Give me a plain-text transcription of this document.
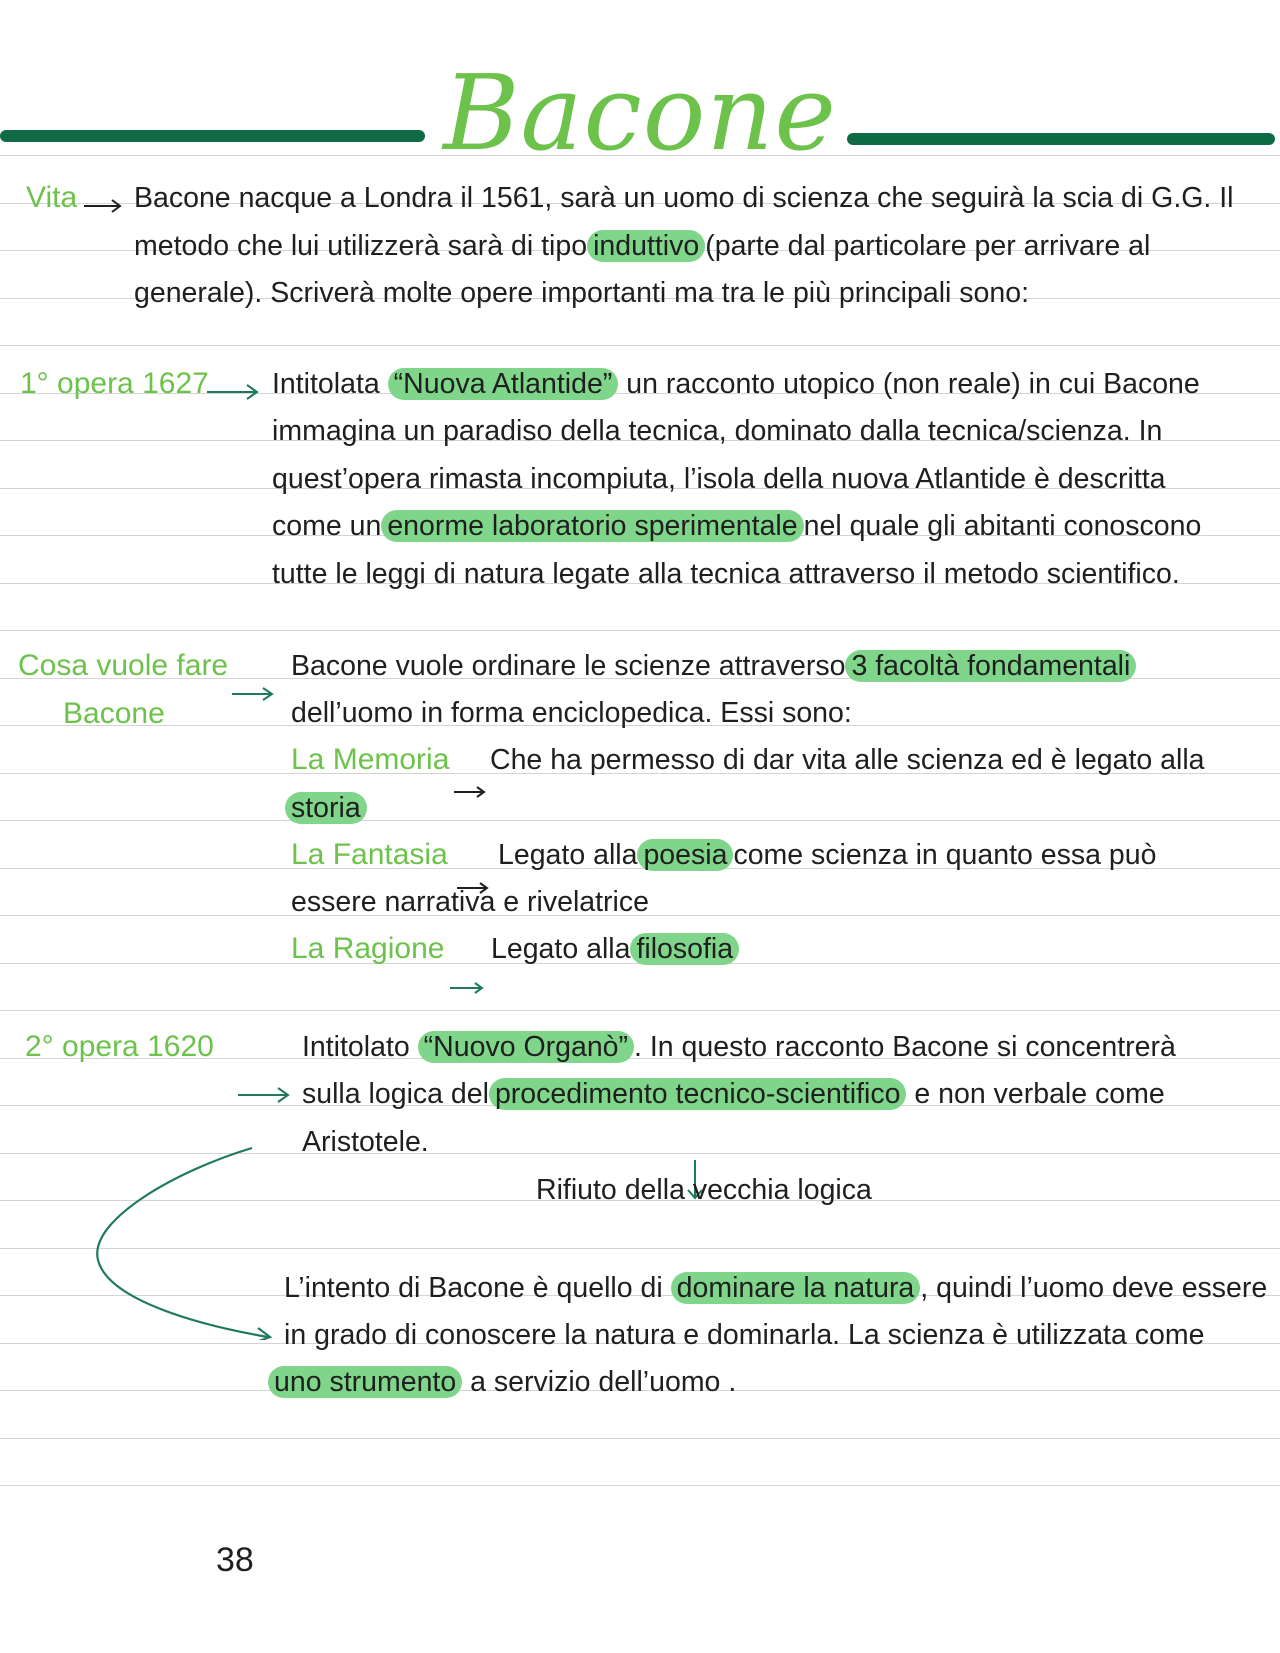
Bacone
Vita Bacone nacque a Londra il 1561, sarà un uomo di scienza che seguirà la scia di G.G. Il
metodo che lui utilizzerà sarà di tipo induttivo (parte dal particolare per arrivare al
generale). Scriverà molte opere importanti ma tra le più principali sono:
1° opera 1627 Intitolata “Nuova Atlantide” un racconto utopico (non reale) in cui Bacone
immagina un paradiso della tecnica, dominato dalla tecnica/scienza. In
quest’opera rimasta incompiuta, l’isola della nuova Atlantide è descritta
come un enorme laboratorio sperimentale nel quale gli abitanti conoscono
tutte le leggi di natura legate alla tecnica attraverso il metodo scientifico.
Cosa vuole fare
Bacone
Bacone vuole ordinare le scienze attraverso 3 facoltà fondamentali
dell’uomo in forma enciclopedica. Essi sono:
La Memoria Che ha permesso di dar vita alle scienza ed è legato alla
storia
La Fantasia Legato alla poesia come scienza in quanto essa può
essere narrativa e rivelatrice
La Ragione Legato alla filosofia
2° opera 1620	Intitolato “Nuovo Organò” . In questo racconto Bacone si concentrerà
sulla logica del procedimento tecnico-scientifico e non verbale come
Aristotele.
Rifiuto della vecchia logica
L’intento di Bacone è quello di dominare la natura , quindi l’uomo deve essere
in grado di conoscere la natura e dominarla. La scienza è utilizzata come
uno strumento a servizio dell’uomo .
38
